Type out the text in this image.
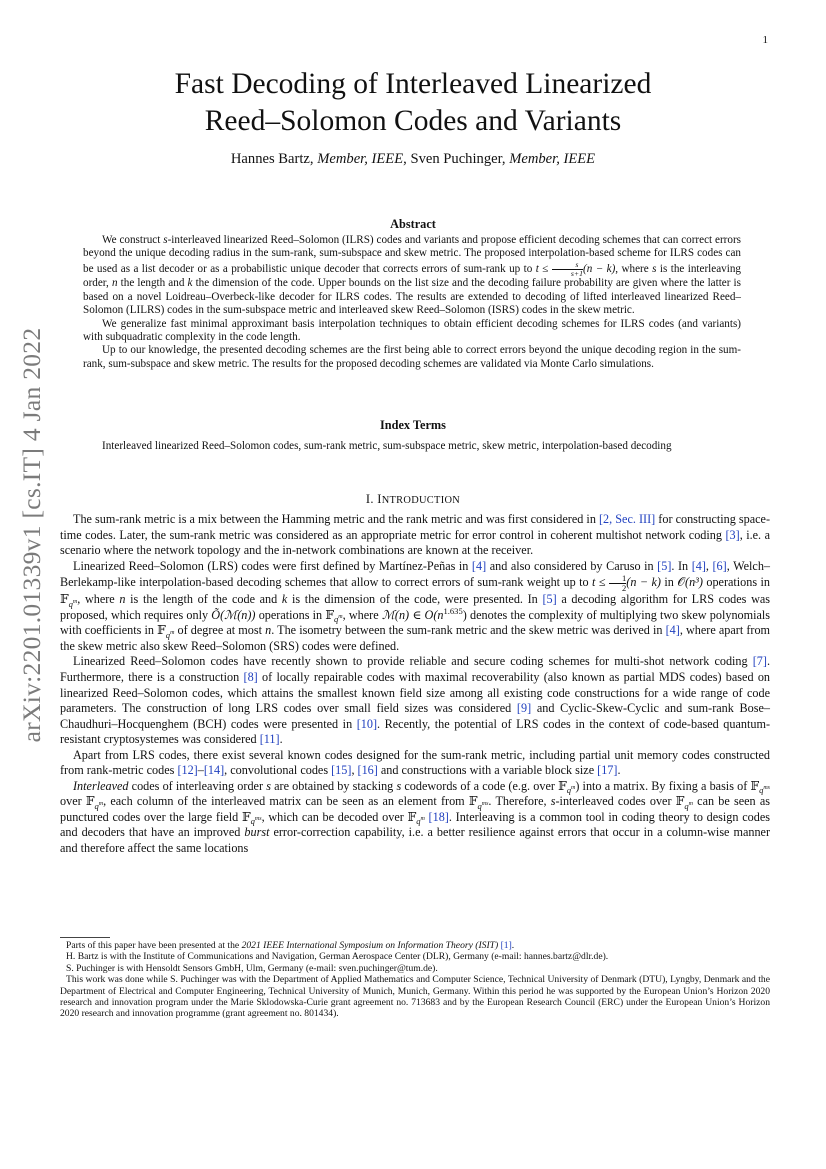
1
arXiv:2201.01339v1 [cs.IT] 4 Jan 2022
Fast Decoding of Interleaved Linearized
Reed–Solomon Codes and Variants
Hannes Bartz, Member, IEEE, Sven Puchinger, Member, IEEE
Abstract

We construct s-interleaved linearized Reed–Solomon (ILRS) codes and variants and propose efficient decoding schemes that can correct errors beyond the unique decoding radius in the sum-rank, sum-subspace and skew metric. The proposed interpolation-based scheme for ILRS codes can be used as a list decoder or as a probabilistic unique decoder that corrects errors of sum-rank up to $t \le \frac{s}{s+1} (n - k)$, where s is the interleaving order, n the length and k the dimension of the code. Upper bounds on the list size and the decoding failure probability are given where the latter is based on a novel Loidreau–Overbeck-like decoder for ILRS codes. The results are extended to decoding of lifted interleaved linearized Reed–Solomon (LILRS) codes in the sum-subspace metric and interleaved skew Reed–Solomon (ISRS) codes in the skew metric.

We generalize fast minimal approximant basis interpolation techniques to obtain efficient decoding schemes for ILRS codes (and variants) with subquadratic complexity in the code length.

Up to our knowledge, the presented decoding schemes are the first being able to correct errors beyond the unique decoding region in the sum-rank, sum-subspace and skew metric. The results for the proposed decoding schemes are validated via Monte Carlo simulations.

Index Terms
Interleaved linearized Reed–Solomon codes, sum-rank metric, sum-subspace metric, skew metric, interpolation-based decoding
I. INTRODUCTION

The sum-rank metric is a mix between the Hamming metric and the rank metric and was first considered in [2, Sec. III] for constructing space-time codes. Later, the sum-rank metric was considered as an appropriate metric for error control in coherent multishot network coding [3], i.e. a scenario where the network topology and the in-network combinations are known at the receiver.

Linearized Reed–Solomon (LRS) codes were first defined by Martínez-Peñas in [4] and also considered by Caruso in [5]. In [4], [6], Welch–Berlekamp-like interpolation-based decoding schemes that allow to correct errors of sum-rank weight up to $t \le \frac{1}{2} (n - k)$ in 𝒪(n³) operations in 𝔽$_{q^m}$, where n is the length of the code and k is the dimension of the code, were presented. In [5] a decoding algorithm for LRS codes was proposed, which requires only Õ(ℳ(n)) operations in 𝔽$_{q^m}$, where ℳ(n) ∈ $O(n^{1.635})$ denotes the complexity of multiplying two skew polynomials with coefficients in 𝔽$_{q^m}$ of degree at most n. The isometry between the sum-rank metric and the skew metric was derived in [4], where apart from the skew metric also skew Reed–Solomon (SRS) codes were defined.

Linearized Reed–Solomon codes have recently shown to provide reliable and secure coding schemes for multi-shot network coding [7]. Furthermore, there is a construction [8] of locally repairable codes with maximal recoverability (also known as partial MDS codes) based on linearized Reed–Solomon codes, which attains the smallest known field size among all existing code constructions for a wide range of code parameters. The construction of long LRS codes over small field sizes was considered [9] and Cyclic-Skew-Cyclic and sum-rank Bose–Chaudhuri–Hocquenghem (BCH) codes were presented in [10]. Recently, the potential of LRS codes in the context of code-based quantum-resistant cryptosystemes was considered [11].

Apart from LRS codes, there exist several known codes designed for the sum-rank metric, including partial unit memory codes constructed from rank-metric codes [12]–[14], convolutional codes [15], [16] and constructions with a variable block size [17].

Interleaved codes of interleaving order s are obtained by stacking s codewords of a code (e.g. over 𝔽$_{q^m}$) into a matrix. By fixing a basis of 𝔽$_{q^{ms}}$ over 𝔽$_{q^m}$, each column of the interleaved matrix can be seen as an element from 𝔽$_{q^{ms}}$. Therefore, s-interleaved codes over 𝔽$_{q^m}$ can be seen as punctured codes over the large field 𝔽$_{q^{ms}}$, which can be decoded over 𝔽$_{q^m}$ [18]. Interleaving is a common tool in coding theory to design codes and decoders that have an improved burst error-correction capability, i.e. a better resilience against errors that occur in a column-wise manner and therefore affect the same locations

Parts of this paper have been presented at the 2021 IEEE International Symposium on Information Theory (ISIT) [1].

H. Bartz is with the Institute of Communications and Navigation, German Aerospace Center (DLR), Germany (e-mail: hannes.bartz@dlr.de).

S. Puchinger is with Hensoldt Sensors GmbH, Ulm, Germany (e-mail: sven.puchinger@tum.de).

This work was done while S. Puchinger was with the Department of Applied Mathematics and Computer Science, Technical University of Denmark (DTU), Lyngby, Denmark and the Department of Electrical and Computer Engineering, Technical University of Munich, Munich, Germany. Within this period he was supported by the European Union’s Horizon 2020 research and innovation program under the Marie Sklodowska-Curie grant agreement no. 713683 and by the European Research Council (ERC) under the European Union’s Horizon 2020 research and innovation programme (grant agreement no. 801434).
